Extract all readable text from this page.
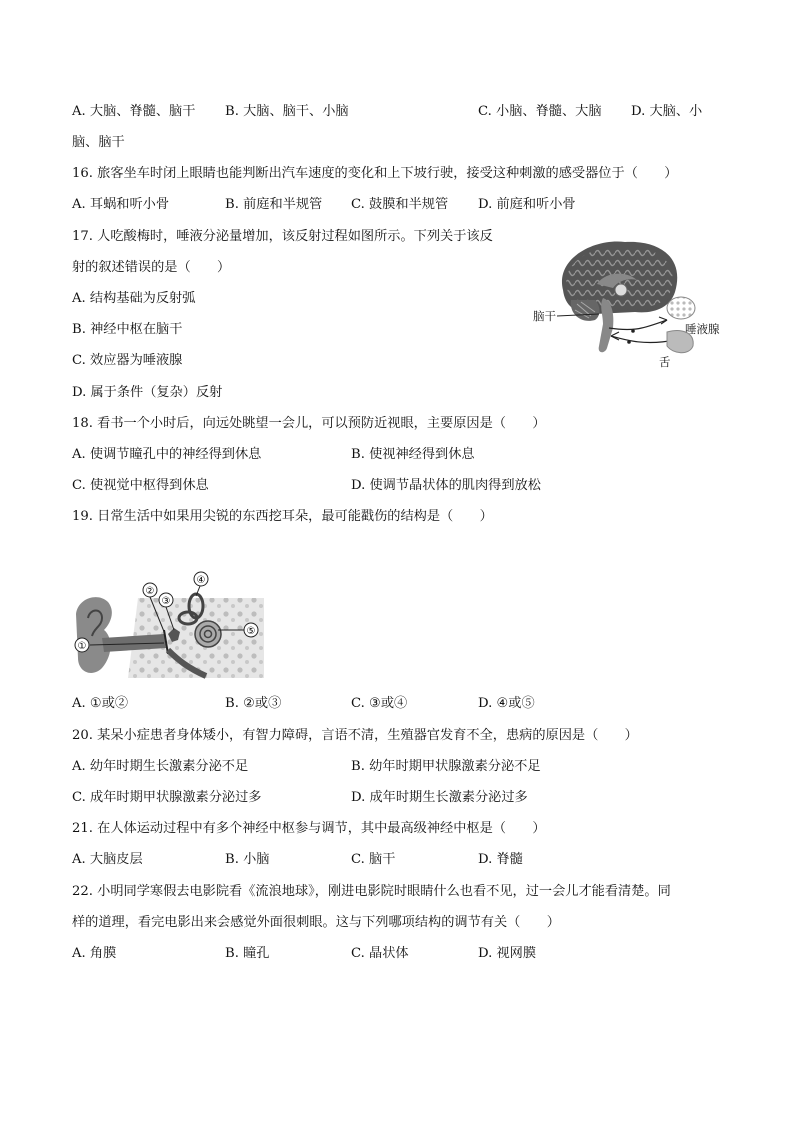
A. 大脑、脊髓、脑干 B. 大脑、脑干、小脑	C. 小脑、脊髓、大脑 D. 大脑、小
脑、脑干
16. 旅客坐车时闭上眼睛也能判断出汽车速度的变化和上下坡行驶，接受这种刺激的感受器位于（　　）
A. 耳蜗和听小骨	B. 前庭和半规管 C. 鼓膜和半规管 D. 前庭和听小骨
17. 人吃酸梅时，唾液分泌量增加，该反射过程如图所示。下列关于该反
射的叙述错误的是（　　）
A. 结构基础为反射弧
B. 神经中枢在脑干
C. 效应器为唾液腺
D. 属于条件（复杂）反射
脑干
唾液腺
舌
18. 看书一个小时后，向远处眺望一会儿，可以预防近视眼，主要原因是（　　）
A. 使调节瞳孔中的神经得到休息	B. 使视神经得到休息
C. 使视觉中枢得到休息	D. 使调节晶状体的肌肉得到放松
19. 日常生活中如果用尖锐的东西挖耳朵，最可能戳伤的结构是（　　）
①
②
③
④
⑤
A. ①或②	B. ②或③	C. ③或④	D. ④或⑤
20. 某呆小症患者身体矮小，有智力障碍，言语不清，生殖器官发育不全，患病的原因是（　　）
A. 幼年时期生长激素分泌不足	B. 幼年时期甲状腺激素分泌不足
C. 成年时期甲状腺激素分泌过多	D. 成年时期生长激素分泌过多
21. 在人体运动过程中有多个神经中枢参与调节，其中最高级神经中枢是（　　）
A. 大脑皮层	B. 小脑	C. 脑干	D. 脊髓
22. 小明同学寒假去电影院看《流浪地球》，刚进电影院时眼睛什么也看不见，过一会儿才能看清楚。同
样的道理，看完电影出来会感觉外面很刺眼。这与下列哪项结构的调节有关（　　）
A. 角膜	B. 瞳孔	C. 晶状体	D. 视网膜
